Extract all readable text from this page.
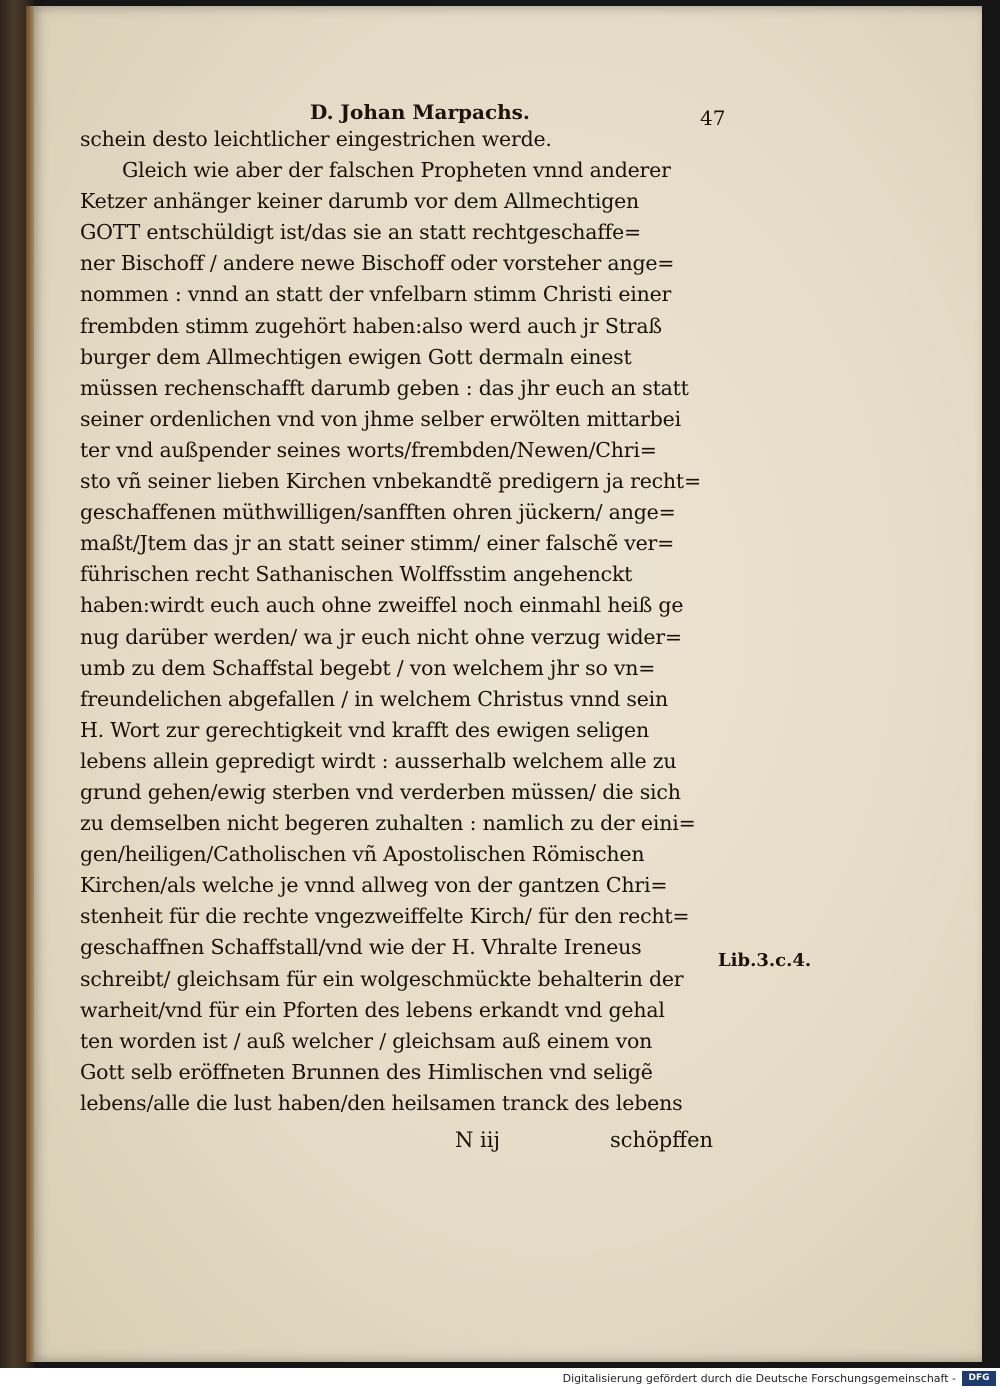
D. Johan Marpachs.	47
schein desto leichtlicher eingestrichen werde.
Gleich wie aber der falschen Propheten vnnd anderer
Ketzer anhänger keiner darumb vor dem Allmechtigen
GOTT entschüldigt ist/das sie an statt rechtgeschaffe=
ner Bischoff / andere newe Bischoff oder vorsteher ange=
nommen : vnnd an statt der vnfelbarn stimm Christi einer
frembden stimm zugehört haben:also werd auch jr Straß
burger dem Allmechtigen ewigen Gott dermaln einest
müssen rechenschafft darumb geben : das jhr euch an statt
seiner ordenlichen vnd von jhme selber erwölten mittarbei
ter vnd außpender seines worts/frembden/Newen/Chri=
sto vñ seiner lieben Kirchen vnbekandtẽ predigern ja recht=
geschaffenen müthwilligen/sanfften ohren jückern/ ange=
maßt/Jtem das jr an statt seiner stimm/ einer falschẽ ver=
führischen recht Sathanischen Wolffsstim angehenckt
haben:wirdt euch auch ohne zweiffel noch einmahl heiß ge
nug darüber werden/ wa jr euch nicht ohne verzug wider=
umb zu dem Schaffstal begebt / von welchem jhr so vn=
freundelichen abgefallen / in welchem Christus vnnd sein
H. Wort zur gerechtigkeit vnd krafft des ewigen seligen
lebens allein gepredigt wirdt : ausserhalb welchem alle zu
grund gehen/ewig sterben vnd verderben müssen/ die sich
zu demselben nicht begeren zuhalten : namlich zu der eini=
gen/heiligen/Catholischen vñ Apostolischen Römischen
Kirchen/als welche je vnnd allweg von der gantzen Chri=
stenheit für die rechte vngezweiffelte Kirch/ für den recht=
geschaffnen Schaffstall/vnd wie der H. Vhralte Ireneus
schreibt/ gleichsam für ein wolgeschmückte behalterin der
warheit/vnd für ein Pforten des lebens erkandt vnd gehal
ten worden ist / auß welcher / gleichsam auß einem von
Gott selb eröffneten Brunnen des Himlischen vnd seligẽ
lebens/alle die lust haben/den heilsamen tranck des lebens
Lib.3.c.4.
N iij	schöpffen
Digitalisierung gefördert durch die Deutsche Forschungsgemeinschaft -	DFG
